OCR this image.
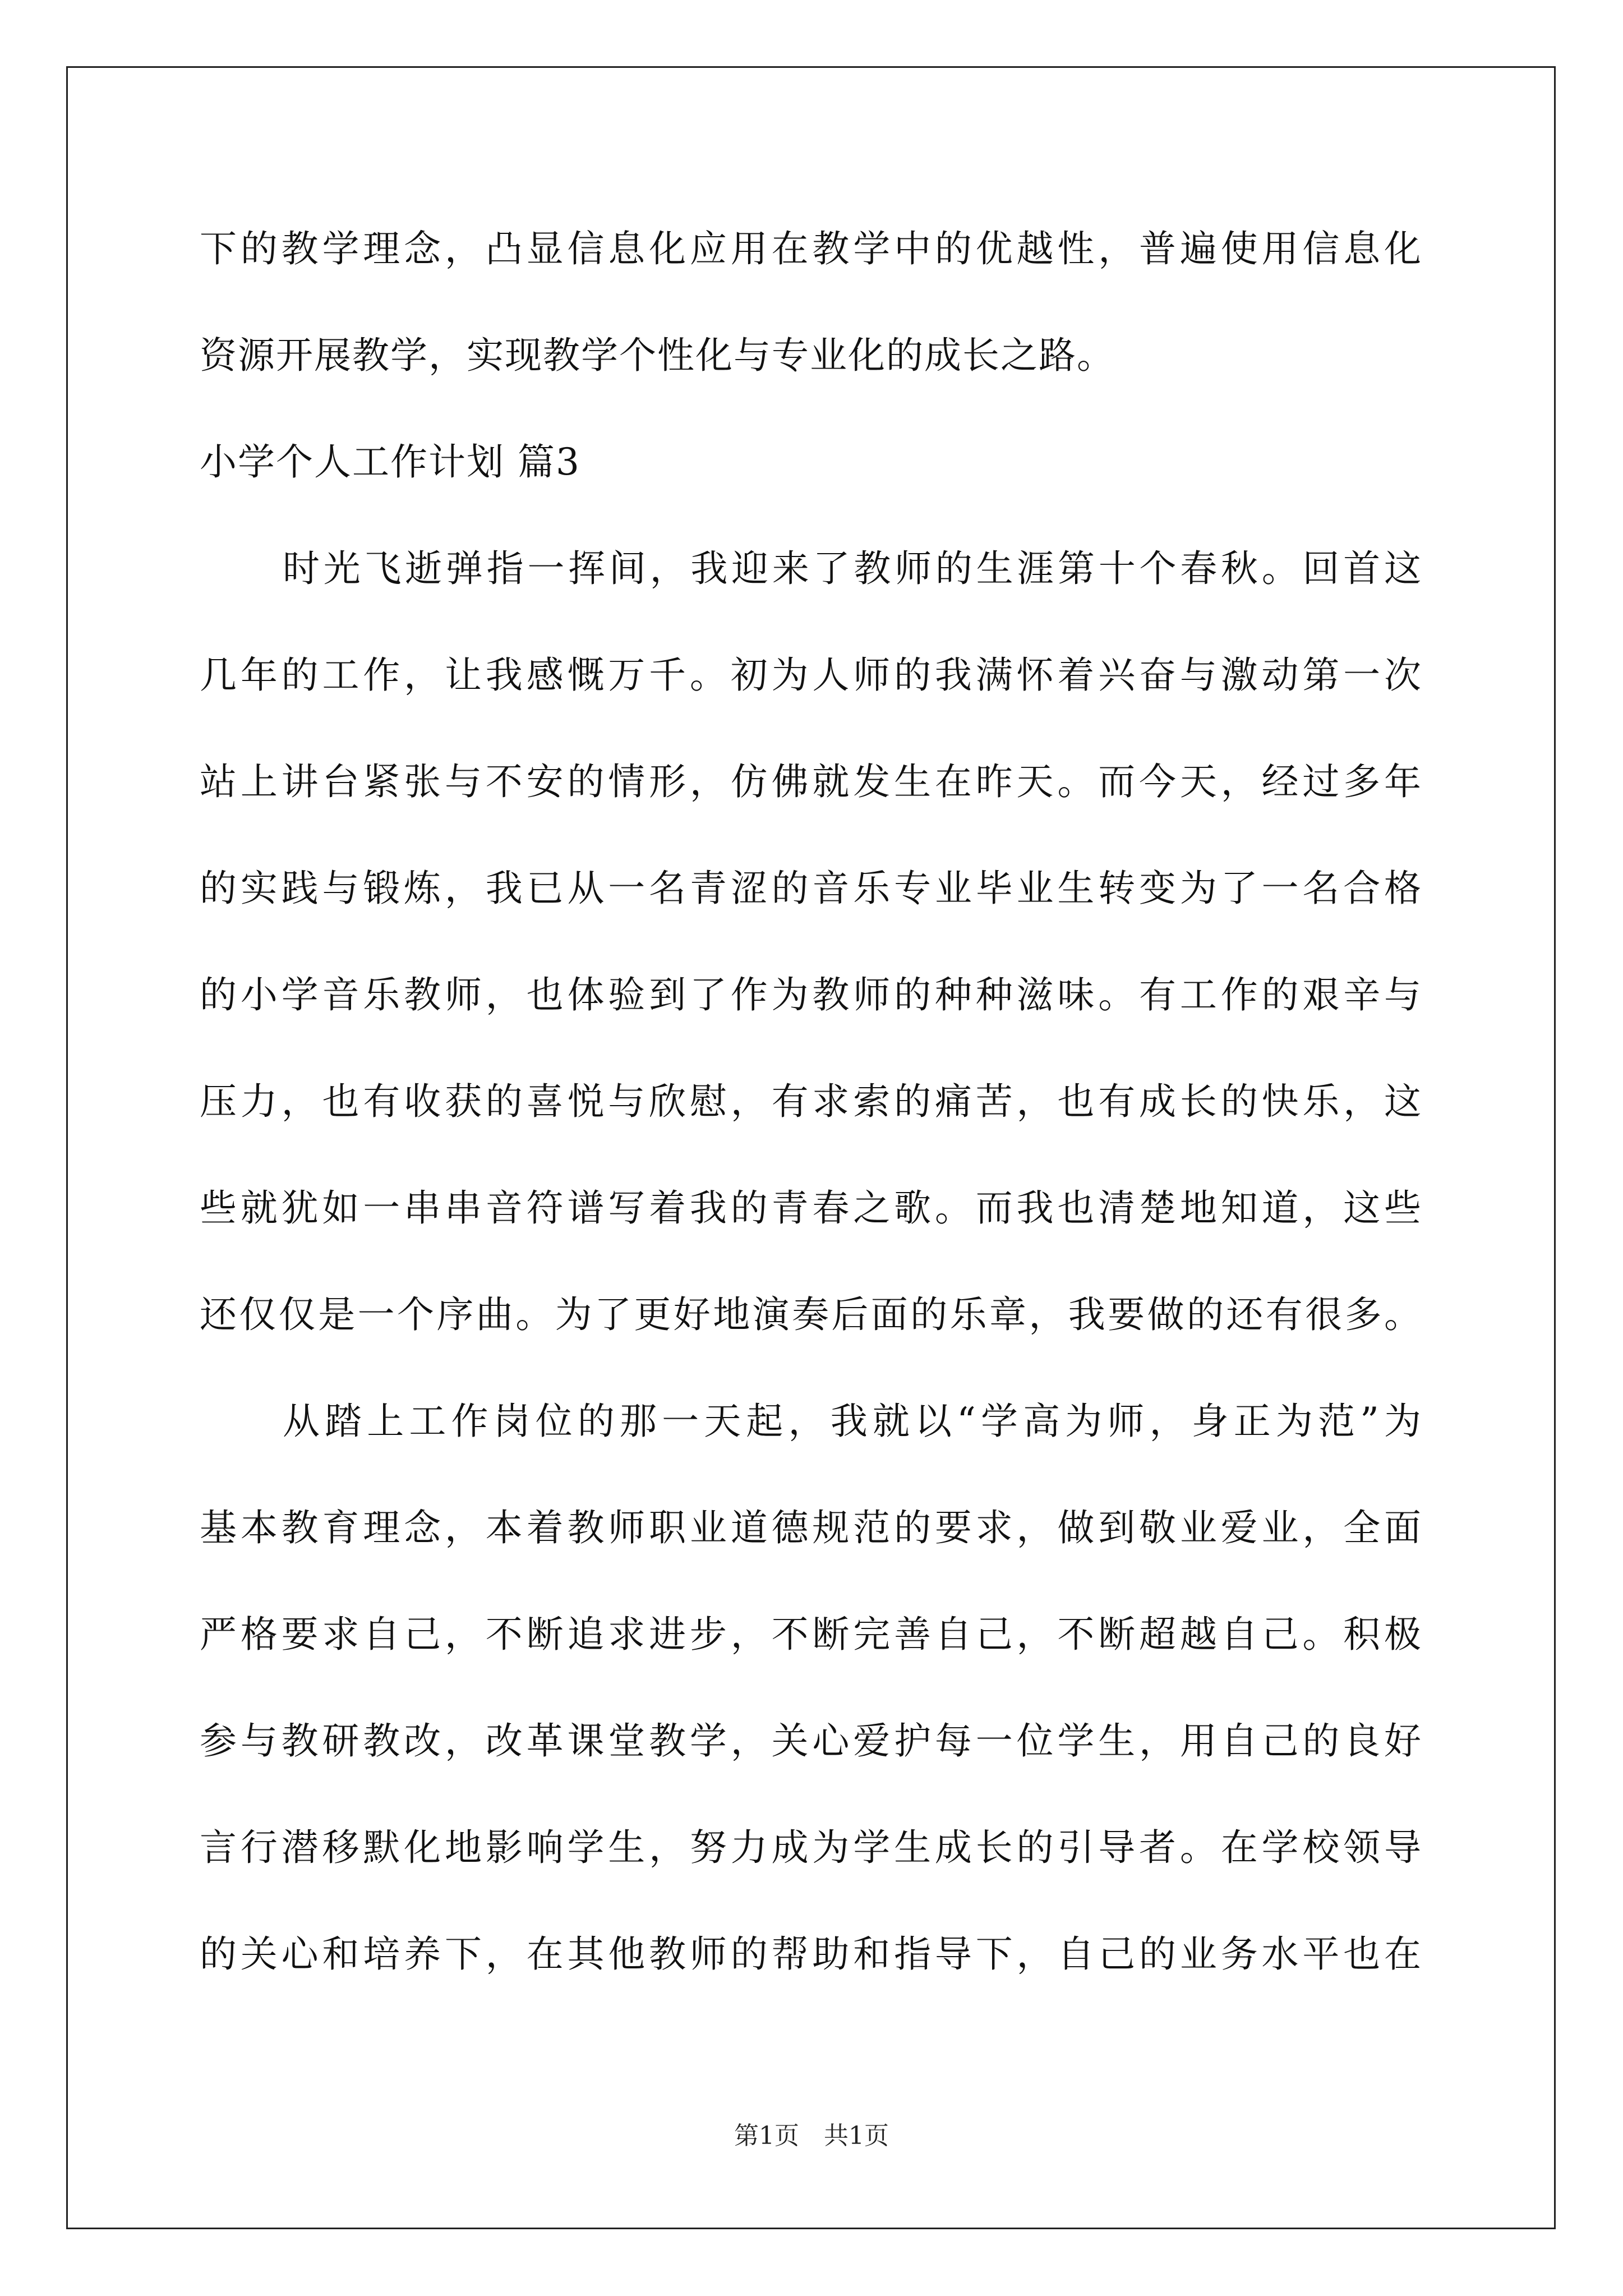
下的教学理念，凸显信息化应用在教学中的优越性，普遍使用信息化
资源开展教学，实现教学个性化与专业化的成长之路。
小学个人工作计划 篇3
时光飞逝弹指一挥间，我迎来了教师的生涯第十个春秋。回首这
几年的工作，让我感慨万千。初为人师的我满怀着兴奋与激动第一次
站上讲台紧张与不安的情形，仿佛就发生在昨天。而今天，经过多年
的实践与锻炼，我已从一名青涩的音乐专业毕业生转变为了一名合格
的小学音乐教师，也体验到了作为教师的种种滋味。有工作的艰辛与
压力，也有收获的喜悦与欣慰，有求索的痛苦，也有成长的快乐，这
些就犹如一串串音符谱写着我的青春之歌。而我也清楚地知道，这些
还仅仅是一个序曲。为了更好地演奏后面的乐章，我要做的还有很多。
从踏上工作岗位的那一天起，我就以“学高为师，身正为范”为
基本教育理念，本着教师职业道德规范的要求，做到敬业爱业，全面
严格要求自己，不断追求进步，不断完善自己，不断超越自己。积极
参与教研教改，改革课堂教学，关心爱护每一位学生，用自己的良好
言行潜移默化地影响学生，努力成为学生成长的引导者。在学校领导
的关心和培养下，在其他教师的帮助和指导下，自己的业务水平也在
第1页　共1页
